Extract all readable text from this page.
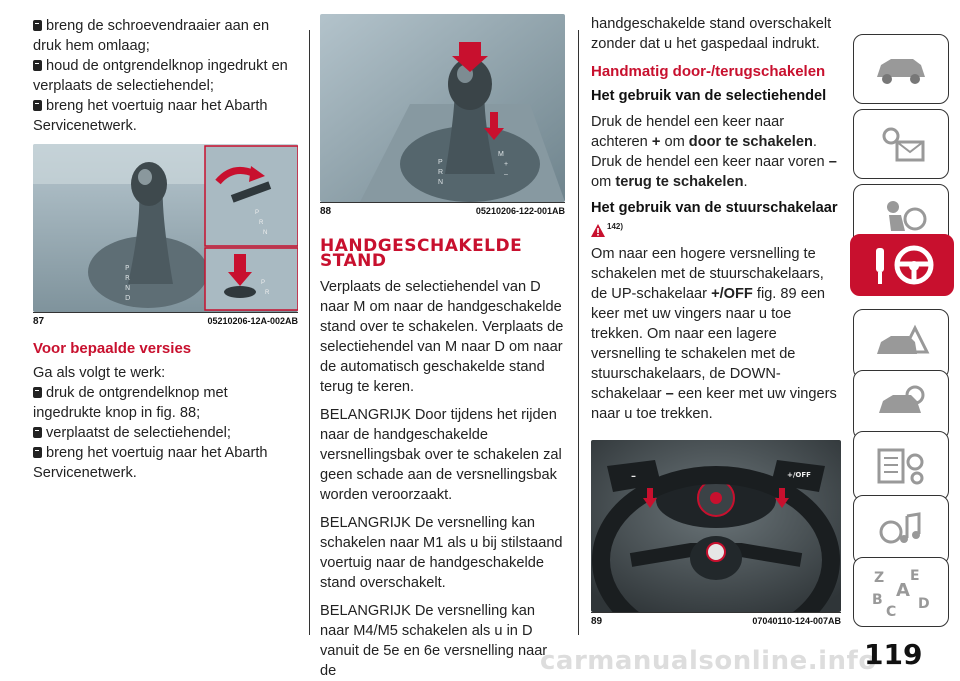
breng de schroevendraaier aan en druk hem omlaag;

houd de ontgrendelknop ingedrukt en verplaats de selectiehendel;

breng het voertuig naar het Abarth Servicenetwerk.

P
R
N
D
P
R
N
P
R
87	05210206-12A-002AB
Voor bepaalde versies

Ga als volgt te werk:

druk de ontgrendelknop met ingedrukte knop in fig. 88;

verplaatst de selectiehendel;

breng het voertuig naar het Abarth Servicenetwerk.

M
+
–
P
R
N
88	05210206-122-001AB
HANDGESCHAKELDE
STAND

Verplaats de selectiehendel van D naar M om naar de handgeschakelde stand over te schakelen. Verplaats de selectiehendel van M naar D om naar de automatisch geschakelde stand terug te keren.

BELANGRIJK Door tijdens het rijden naar de handgeschakelde versnellingsbak over te schakelen zal geen schade aan de versnellingsbak worden veroorzaakt.

BELANGRIJK De versnelling kan schakelen naar M1 als u bij stilstaand voertuig naar de handgeschakelde stand overschakelt.

BELANGRIJK De versnelling kan naar M4/M5 schakelen als u in D vanuit de 5e en 6e versnelling naar de

handgeschakelde stand overschakelt zonder dat u het gaspedaal indrukt.

Handmatig door-/terugschakelen
Het gebruik van de selectiehendel

Druk de hendel een keer naar achteren + om door te schakelen. Druk de hendel een keer naar voren – om terug te schakelen.

Het gebruik van de stuurschakelaar
$^{142)}$

Om naar een hogere versnelling te schakelen met de stuurschakelaars, de UP-schakelaar +/OFF fig. 89 een keer met uw vingers naar u toe trekken. Om naar een lagere versnelling te schakelen met de stuurschakelaars, de DOWN-schakelaar – een keer met uw vingers naar u toe trekken.

–	+/OFF
89	07040110-124-007AB
Z E
B A
C D
carmanualsonline.info
119
